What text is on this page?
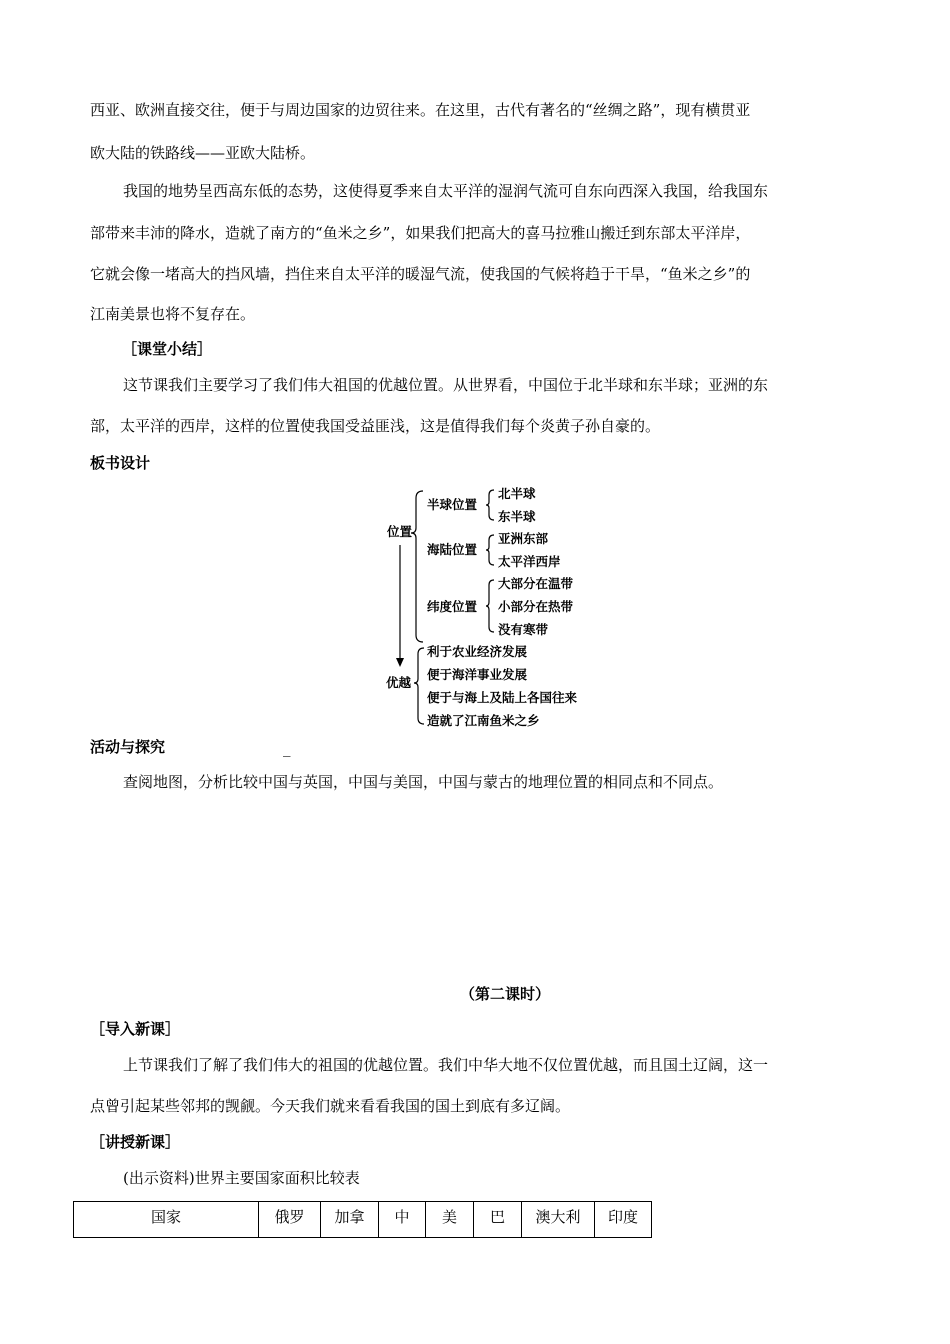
西亚、欧洲直接交往，便于与周边国家的边贸往来。在这里，古代有著名的“丝绸之路”，现有横贯亚
欧大陆的铁路线——亚欧大陆桥。
我国的地势呈西高东低的态势，这使得夏季来自太平洋的湿润气流可自东向西深入我国，给我国东
部带来丰沛的降水，造就了南方的“鱼米之乡”，如果我们把高大的喜马拉雅山搬迁到东部太平洋岸，
它就会像一堵高大的挡风墙，挡住来自太平洋的暖湿气流，使我国的气候将趋于干旱，“鱼米之乡”的
江南美景也将不复存在。
［课堂小结］
这节课我们主要学习了我们伟大祖国的优越位置。从世界看，中国位于北半球和东半球；亚洲的东
部，太平洋的西岸，这样的位置使我国受益匪浅，这是值得我们每个炎黄子孙自豪的。
板书设计
位置
优越
半球位置
北半球
东半球
海陆位置
亚洲东部
太平洋西岸
纬度位置
大部分在温带
小部分在热带
没有寒带
利于农业经济发展
便于海洋事业发展
便于与海上及陆上各国往来
造就了江南鱼米之乡
活动与探究	_
查阅地图，分析比较中国与英国，中国与美国，中国与蒙古的地理位置的相同点和不同点。
（第二课时）
［导入新课］
上节课我们了解了我们伟大的祖国的优越位置。我们中华大地不仅位置优越，而且国土辽阔，这一
点曾引起某些邻邦的觊觎。今天我们就来看看我国的国土到底有多辽阔。
［讲授新课］
(出示资料)世界主要国家面积比较表
国家	俄罗	加拿	中	美	巴	澳大利	印度
